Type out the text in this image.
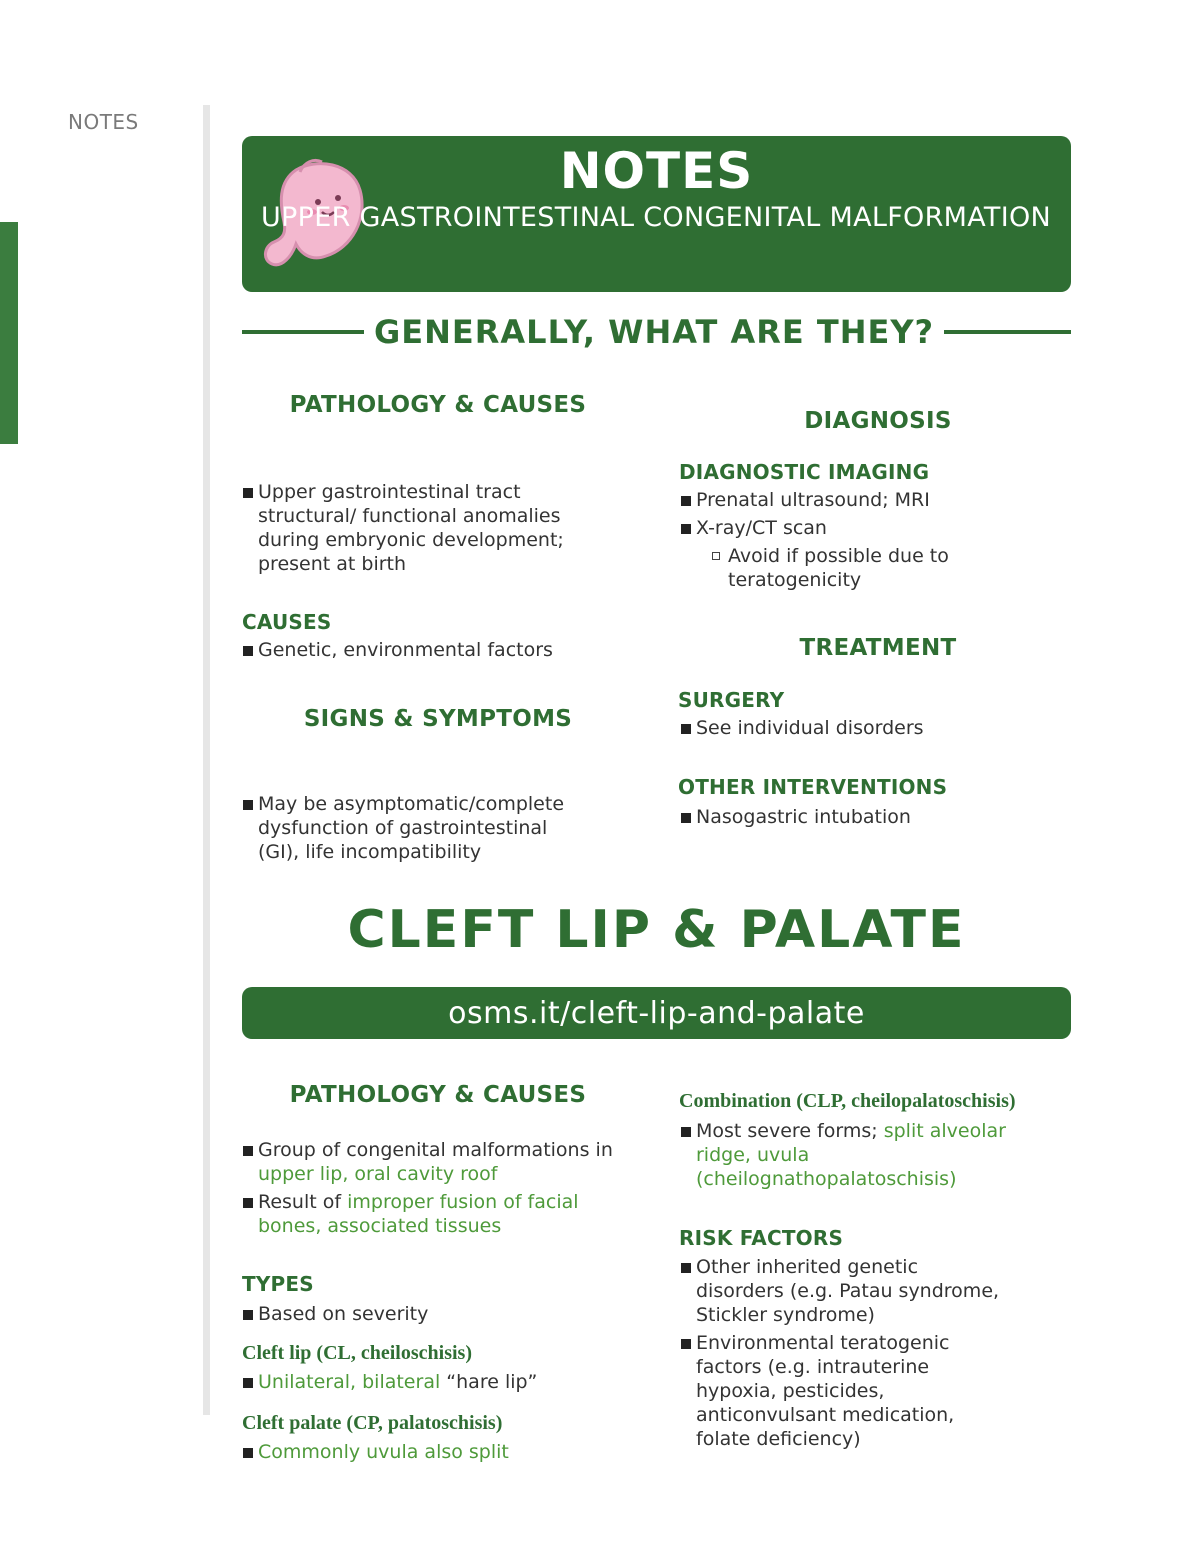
NOTES
NOTES
UPPER GASTROINTESTINAL CONGENITAL MALFORMATION
GENERALLY, WHAT ARE THEY?
PATHOLOGY & CAUSES
Upper gastrointestinal tract structural/ functional anomalies during embryonic development; present at birth
CAUSES
Genetic, environmental factors
SIGNS & SYMPTOMS
May be asymptomatic/complete dysfunction of gastrointestinal (GI), life incompatibility
DIAGNOSIS
DIAGNOSTIC IMAGING
Prenatal ultrasound; MRI
X-ray/CT scan
Avoid if possible due to teratogenicity
TREATMENT
SURGERY
See individual disorders
OTHER INTERVENTIONS
Nasogastric intubation
CLEFT LIP & PALATE
osms.it/cleft-lip-and-palate
PATHOLOGY & CAUSES
Group of congenital malformations in upper lip, oral cavity roof
Result of improper fusion of facial bones, associated tissues
TYPES
Based on severity
Cleft lip (CL, cheiloschisis)
Unilateral, bilateral “hare lip”
Cleft palate (CP, palatoschisis)
Commonly uvula also split
Combination (CLP, cheilopalatoschisis)
Most severe forms; split alveolar ridge, uvula (cheilognathopalatoschisis)
RISK FACTORS
Other inherited genetic disorders (e.g. Patau syndrome, Stickler syndrome)
Environmental teratogenic factors (e.g. intrauterine hypoxia, pesticides, anticonvulsant medication, folate deficiency)
